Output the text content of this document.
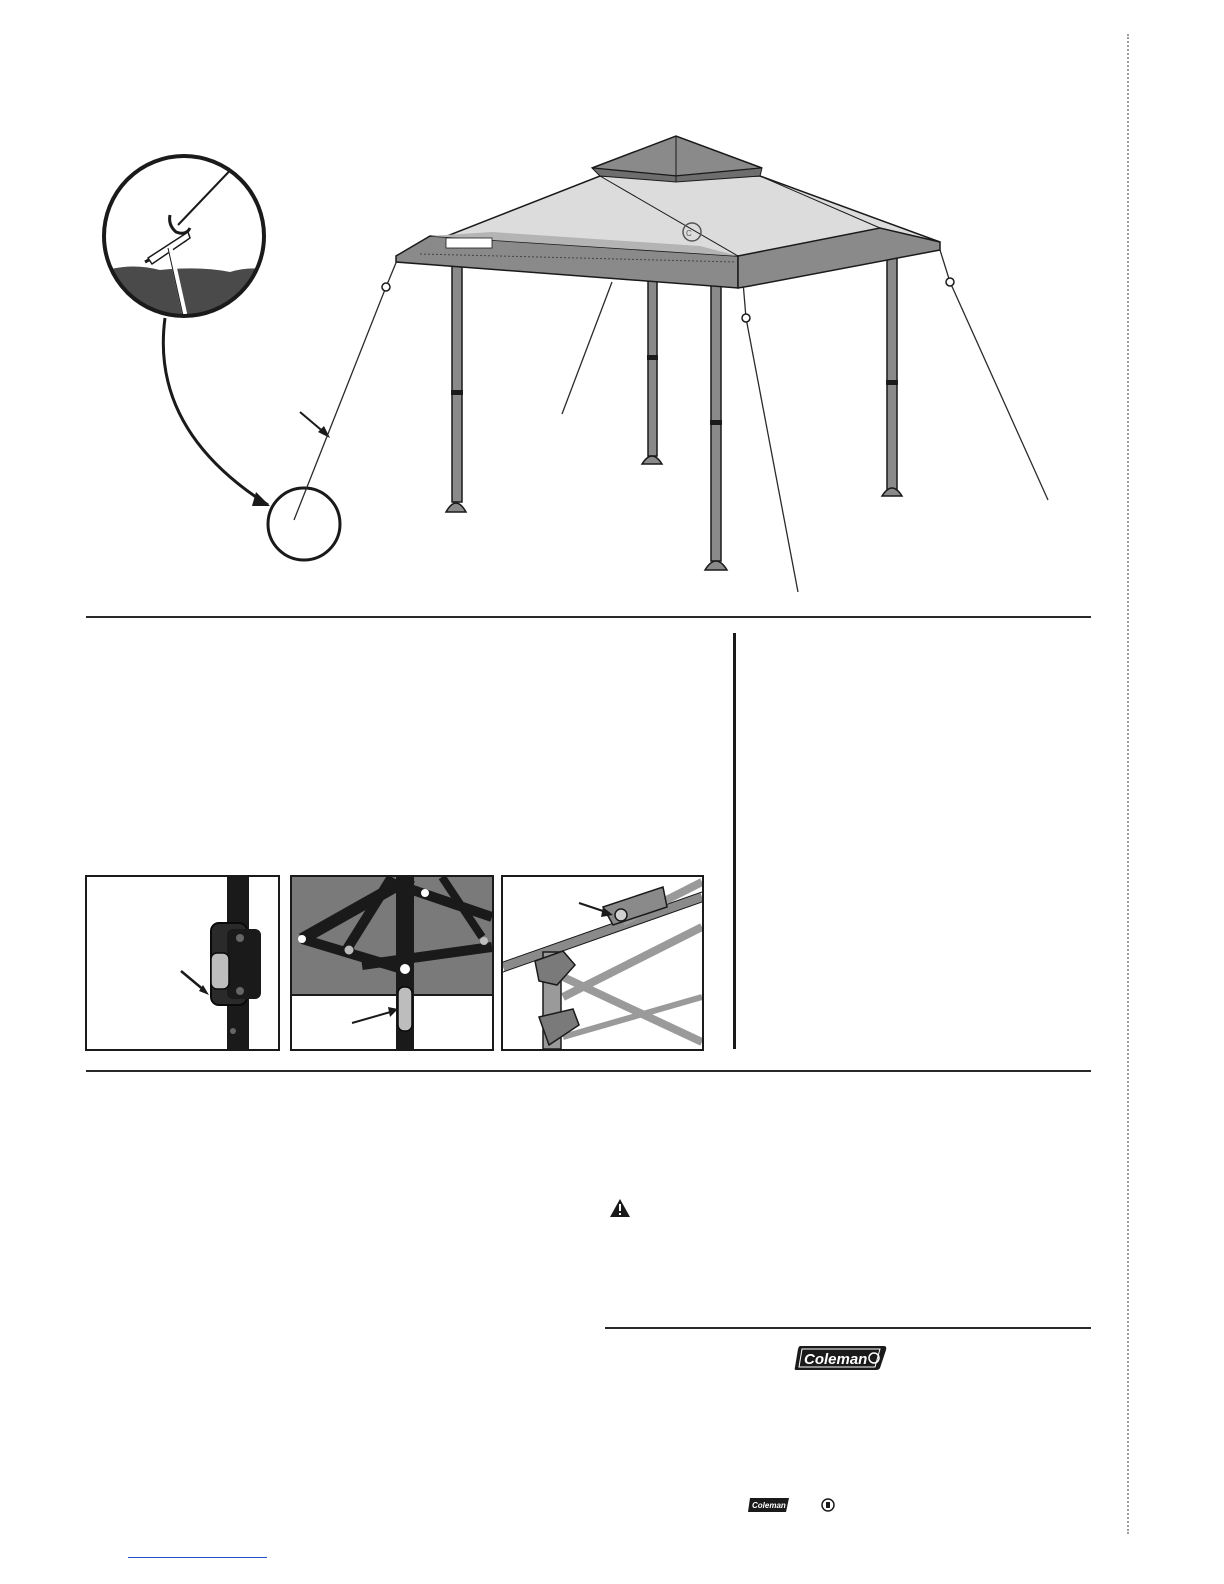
C
Coleman
Coleman
